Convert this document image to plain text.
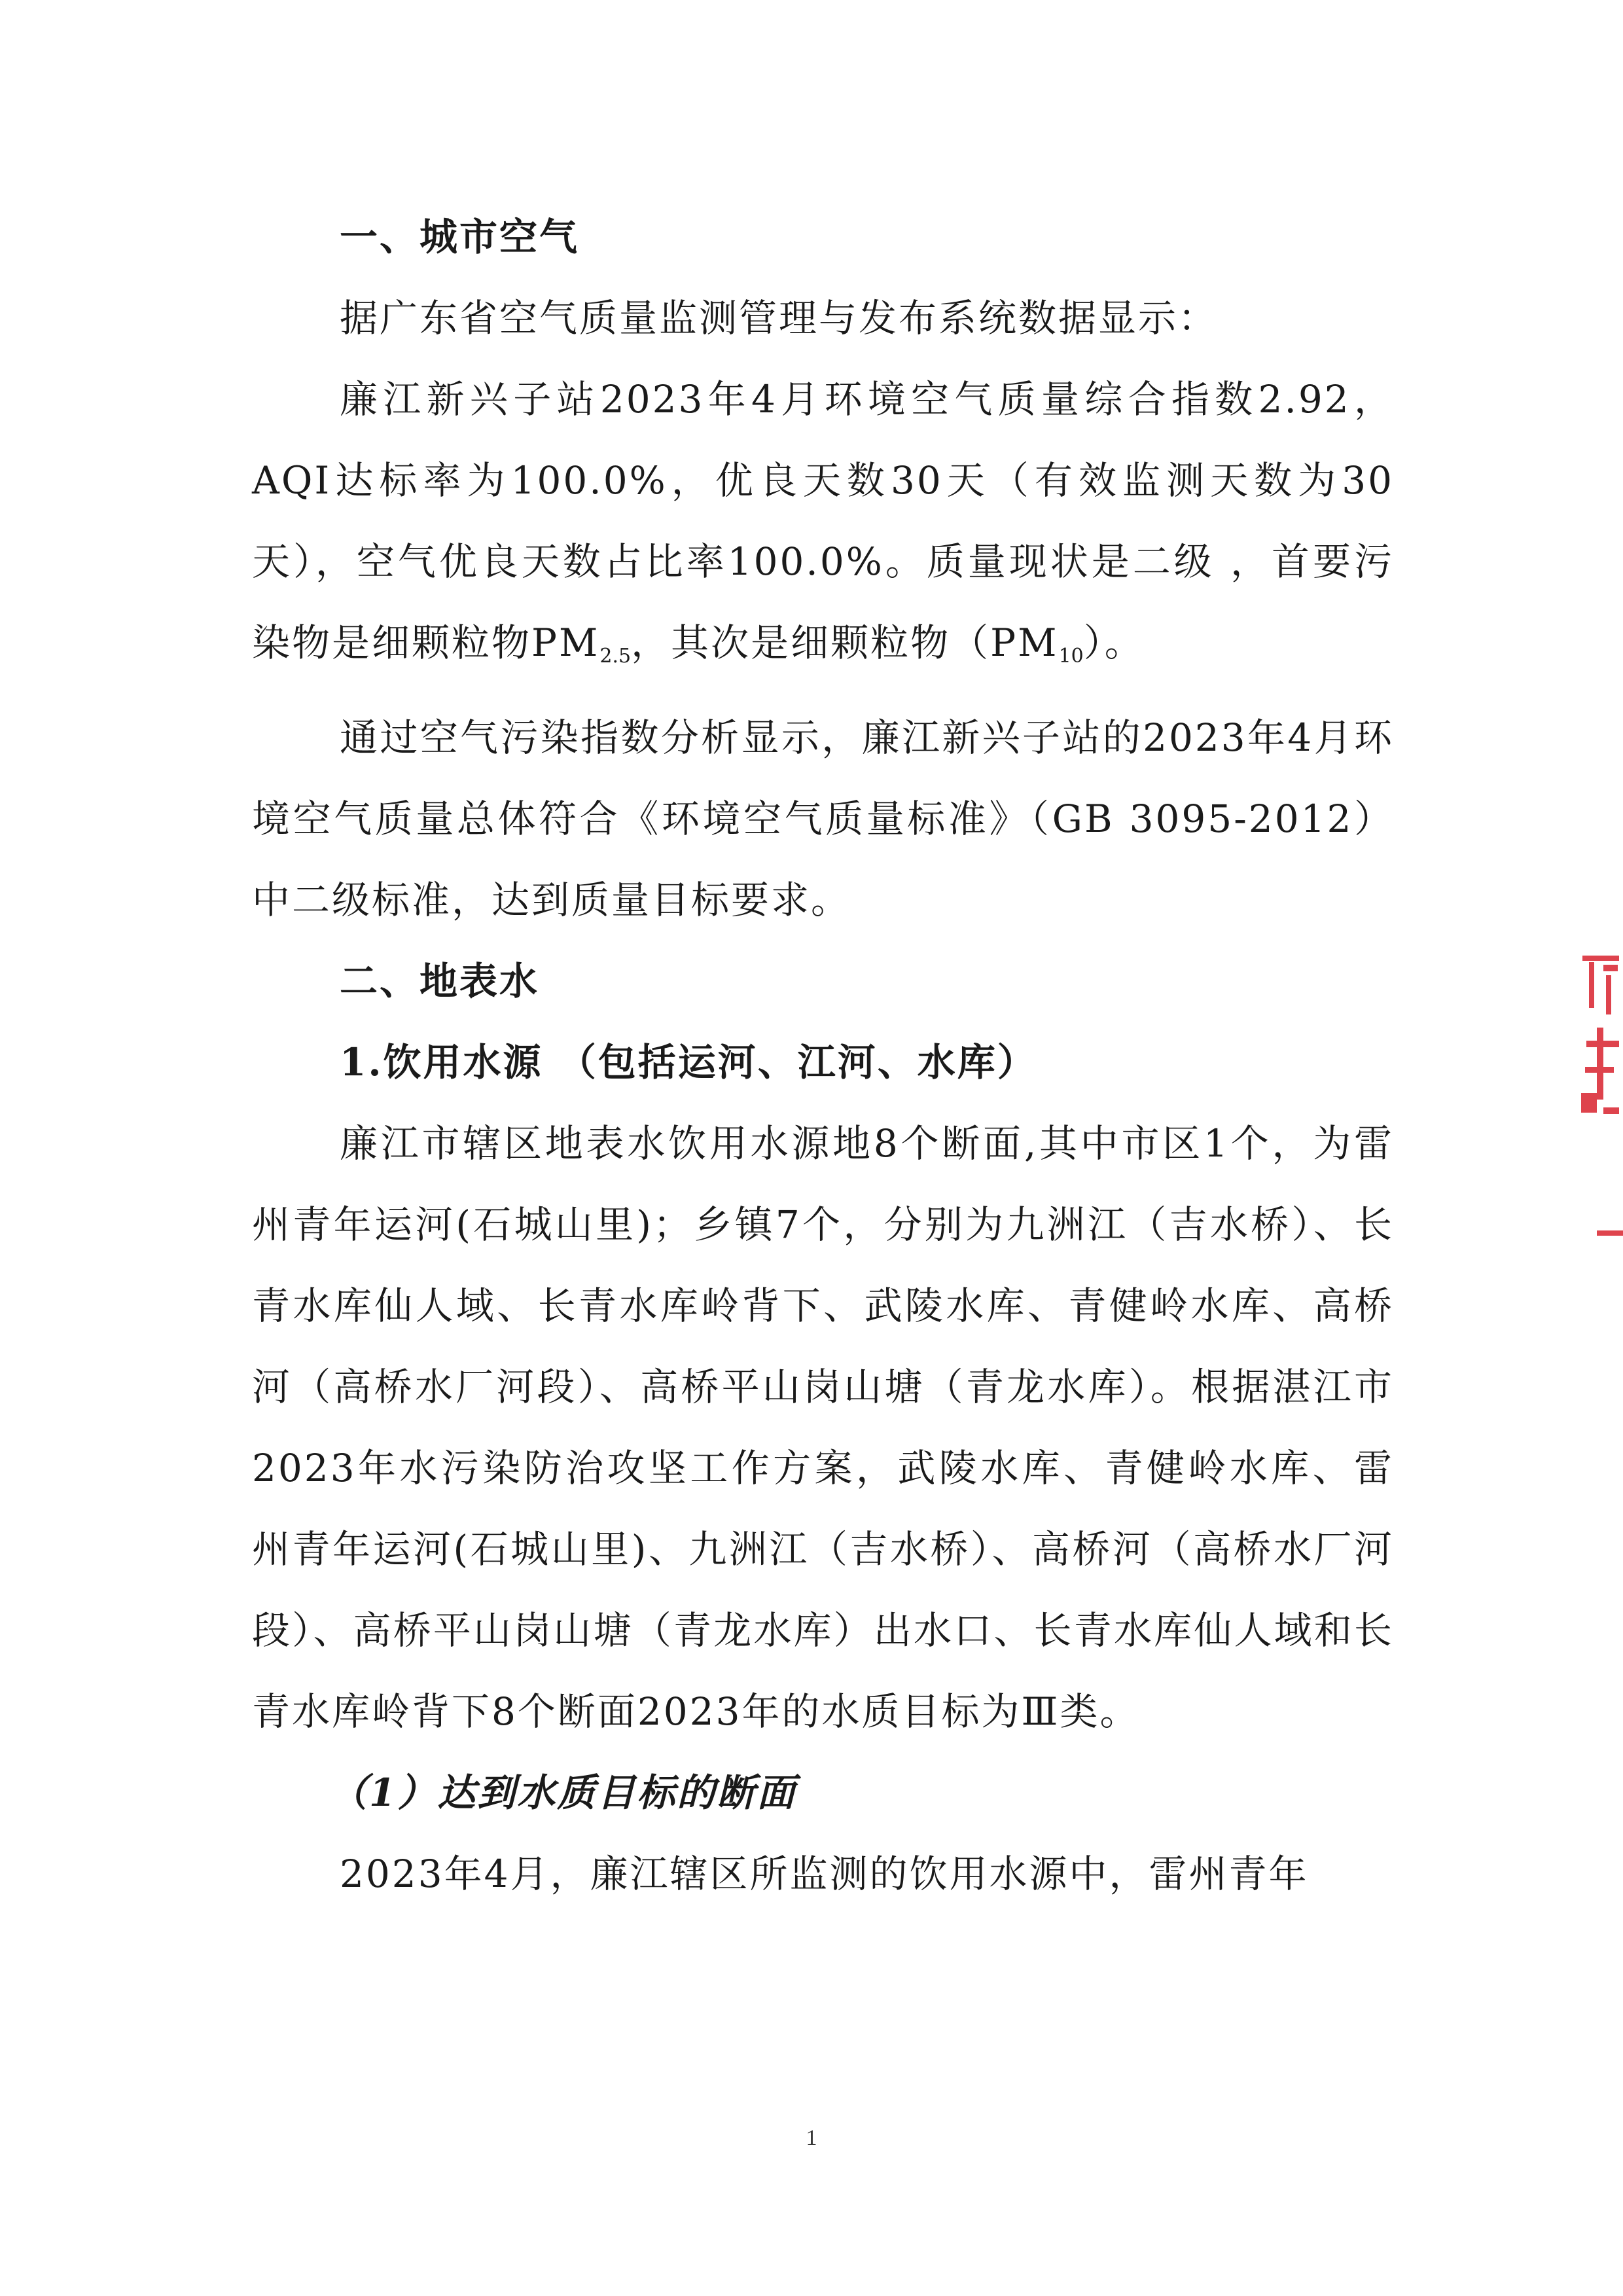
一、城市空气

据广东省空气质量监测管理与发布系统数据显示：

廉江新兴子站2023年4月环境空气质量综合指数2.92，AQI达标率为100.0%，优良天数30天（有效监测天数为30天），空气优良天数占比率100.0%。质量现状是二级 ，首要污染物是细颗粒物$PM_{2.5}$，其次是细颗粒物$(PM_{10})$。

通过空气污染指数分析显示，廉江新兴子站的2023年4月环境空气质量总体符合《环境空气质量标准》（GB 3095-2012）中二级标准，达到质量目标要求。

二、地表水

1.饮用水源 （包括运河、江河、水库）

廉江市辖区地表水饮用水源地8个断面,其中市区1个，为雷州青年运河(石城山里)；乡镇7个，分别为九洲江（吉水桥）、长青水库仙人域、长青水库岭背下、武陵水库、青健岭水库、高桥河（高桥水厂河段）、高桥平山岗山塘（青龙水库）。根据湛江市2023年水污染防治攻坚工作方案，武陵水库、青健岭水库、雷州青年运河(石城山里)、九洲江（吉水桥）、高桥河（高桥水厂河段）、高桥平山岗山塘（青龙水库）出水口、长青水库仙人域和长青水库岭背下8个断面2023年的水质目标为Ⅲ类。

（1）达到水质目标的断面

2023年4月，廉江辖区所监测的饮用水源中，雷州青年

1
